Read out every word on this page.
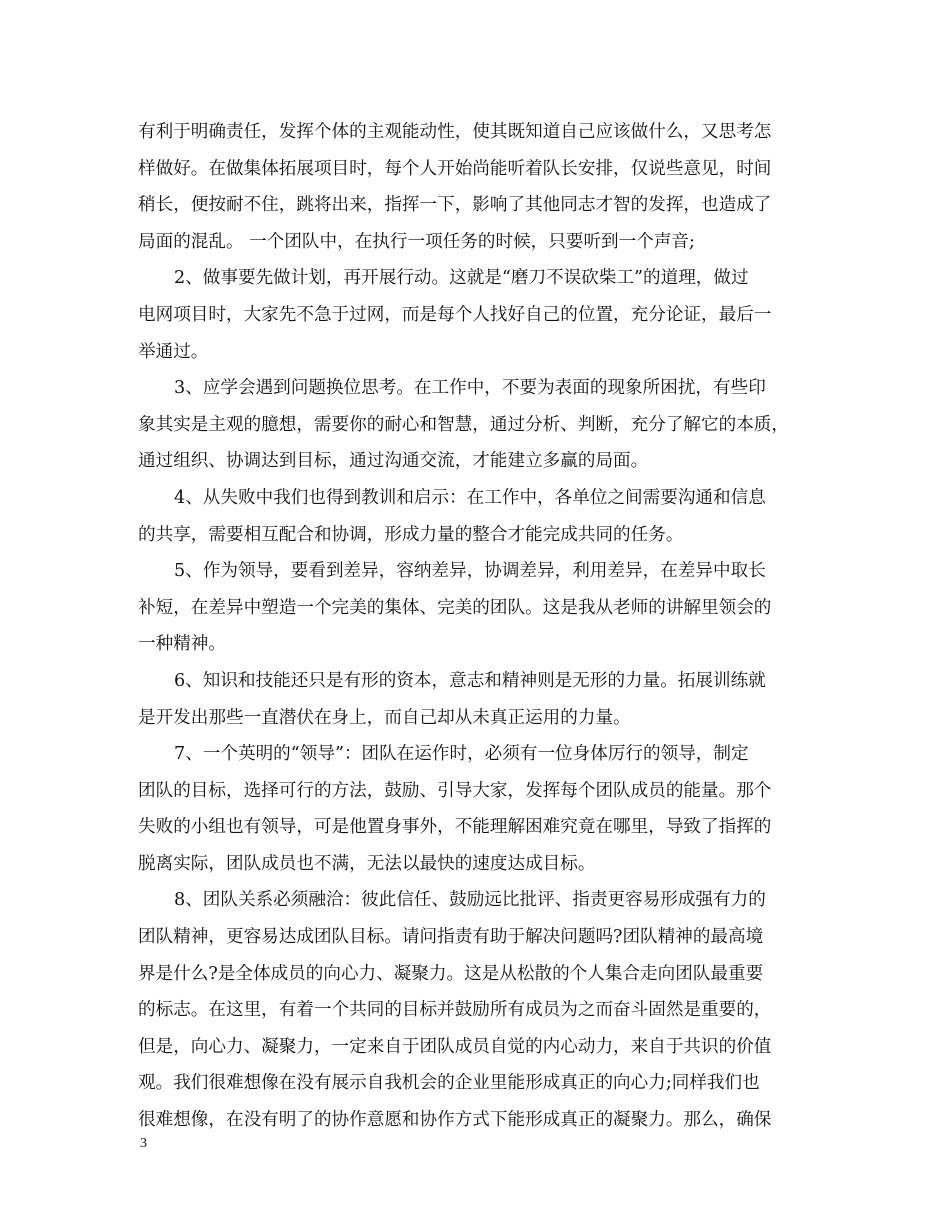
有利于明确责任，发挥个体的主观能动性，使其既知道自己应该做什么，又思考怎
样做好。在做集体拓展项目时，每个人开始尚能听着队长安排，仅说些意见，时间
稍长，便按耐不住，跳将出来，指挥一下，影响了其他同志才智的发挥，也造成了
局面的混乱。 一个团队中，在执行一项任务的时候，只要听到一个声音;
2、做事要先做计划，再开展行动。这就是“磨刀不误砍柴工”的道理，做过
电网项目时，大家先不急于过网，而是每个人找好自己的位置，充分论证，最后一
举通过。
3、应学会遇到问题换位思考。在工作中，不要为表面的现象所困扰，有些印
象其实是主观的臆想，需要你的耐心和智慧，通过分析、判断，充分了解它的本质，
通过组织、协调达到目标，通过沟通交流，才能建立多赢的局面。
4、从失败中我们也得到教训和启示：在工作中，各单位之间需要沟通和信息
的共享，需要相互配合和协调，形成力量的整合才能完成共同的任务。
5、作为领导，要看到差异，容纳差异，协调差异，利用差异，在差异中取长
补短，在差异中塑造一个完美的集体、完美的团队。这是我从老师的讲解里领会的
一种精神。
6、知识和技能还只是有形的资本，意志和精神则是无形的力量。拓展训练就
是开发出那些一直潜伏在身上，而自己却从未真正运用的力量。
7、一个英明的“领导”：团队在运作时，必须有一位身体厉行的领导，制定
团队的目标，选择可行的方法，鼓励、引导大家，发挥每个团队成员的能量。那个
失败的小组也有领导，可是他置身事外，不能理解困难究竟在哪里，导致了指挥的
脱离实际，团队成员也不满，无法以最快的速度达成目标。
8、团队关系必须融洽：彼此信任、鼓励远比批评、指责更容易形成强有力的
团队精神，更容易达成团队目标。请问指责有助于解决问题吗?团队精神的最高境
界是什么?是全体成员的向心力、凝聚力。这是从松散的个人集合走向团队最重要
的标志。在这里，有着一个共同的目标并鼓励所有成员为之而奋斗固然是重要的，
但是，向心力、凝聚力，一定来自于团队成员自觉的内心动力，来自于共识的价值
观。我们很难想像在没有展示自我机会的企业里能形成真正的向心力;同样我们也
很难想像，在没有明了的协作意愿和协作方式下能形成真正的凝聚力。那么，确保
3
